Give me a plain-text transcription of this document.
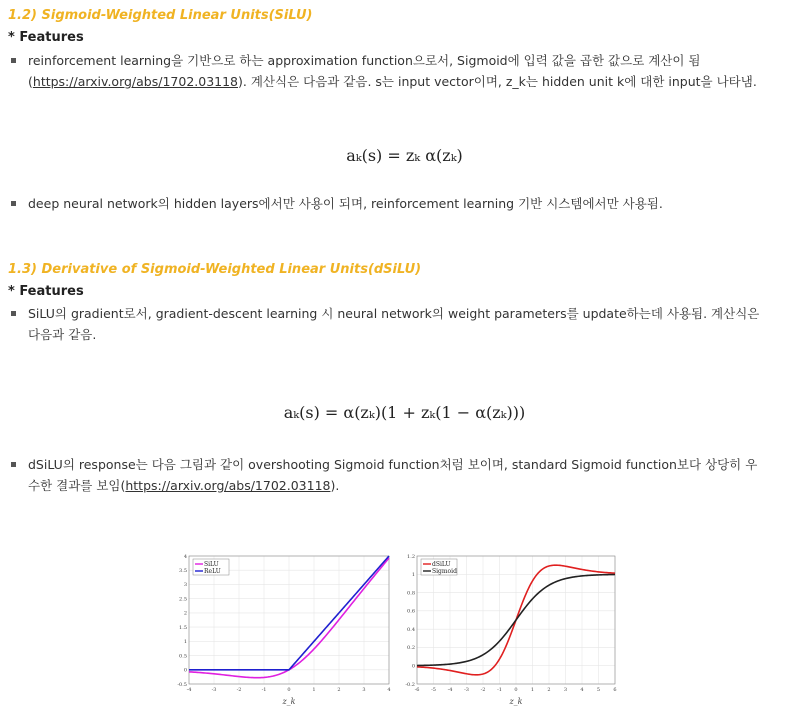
1.2) Sigmoid-Weighted Linear Units(SiLU)
* Features
reinforcement learning을 기반으로 하는 approximation function으로서, Sigmoid에 입력 값을 곱한 값으로 계산이 됨
(https://arxiv.org/abs/1702.03118). 계산식은 다음과 같음. s는 input vector이며, z_k는 hidden unit k에 대한 input을 나타냄.
aₖ(s) = zₖ α(zₖ)
deep neural network의 hidden layers에서만 사용이 되며, reinforcement learning 기반 시스템에서만 사용됨.
1.3) Derivative of Sigmoid-Weighted Linear Units(dSiLU)
* Features
SiLU의 gradient로서, gradient-descent learning 시 neural network의 weight parameters를 update하는데 사용됨. 계산식은
다음과 같음.
aₖ(s) = α(zₖ)(1 + zₖ(1 − α(zₖ)))
dSiLU의 response는 다음 그림과 같이 overshooting Sigmoid function처럼 보이며, standard Sigmoid function보다 상당히 우
수한 결과를 보임(https://arxiv.org/abs/1702.03118).
-4	-3	-2	-1	0	1	2	3	4
-0.5
0
0.5
1
1.5
2
2.5
3
3.5
4
SiLU
ReLU
z_k
-6 -5 -4 -3 -2 -1 0	1	2	3	4	5	6
-0.2
0
0.2
0.4
0.6
0.8
1
1.2
dSiLU
Sigmoid
z_k
